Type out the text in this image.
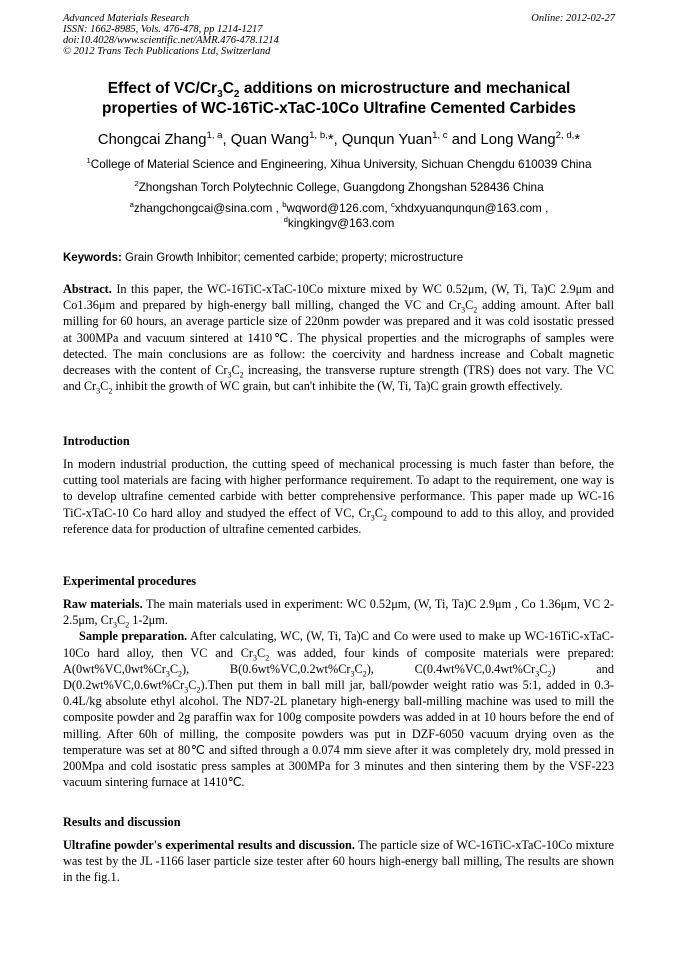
Advanced Materials Research
ISSN: 1662-8985, Vols. 476-478, pp 1214-1217
doi:10.4028/www.scientific.net/AMR.476-478.1214
© 2012 Trans Tech Publications Ltd, Switzerland
Online: 2012-02-27
Effect of $VC/Cr_3C_2$ additions on microstructure and mechanical
properties of WC-16TiC-xTaC-10Co Ultrafine Cemented Carbides
Chongcai Zhang$^{1, a}$, Quan Wang$^{1, b,}$*, Qunqun Yuan$^{1, c}$ and Long Wang$^{2, d,}$*
$^1$College of Material Science and Engineering, Xihua University, Sichuan Chengdu 610039 China
$^2$Zhongshan Torch Polytechnic College, Guangdong Zhongshan 528436 China
$^a$zhangchongcai@sina.com , $^b$wqword@126.com, $^c$xhdxyuanqunqun@163.com ,
$^d$kingkingv@163.com
Keywords: Grain Growth Inhibitor; cemented carbide; property; microstructure
Abstract. In this paper, the WC-16TiC-xTaC-10Co mixture mixed by WC 0.52μm, (W, Ti, Ta)C 2.9μm and Co1.36μm and prepared by high-energy ball milling, changed the VC and $Cr_3C_2$ adding amount. After ball milling for 60 hours, an average particle size of 220nm powder was prepared and it was cold isostatic pressed at 300MPa and vacuum sintered at 1410℃. The physical properties and the micrographs of samples were detected. The main conclusions are as follow: the coercivity and hardness increase and Cobalt magnetic decreases with the content of $Cr_3C_2$ increasing, the transverse rupture strength (TRS) does not vary. The VC and $Cr_3C_2$ inhibit the growth of WC grain, but can't inhibite the (W, Ti, Ta)C grain growth effectively.
Introduction
In modern industrial production, the cutting speed of mechanical processing is much faster than before, the cutting tool materials are facing with higher performance requirement. To adapt to the requirement, one way is to develop ultrafine cemented carbide with better comprehensive performance. This paper made up WC-16 TiC-xTaC-10 Co hard alloy and studyed the effect of VC, $Cr_3C_2$ compound to add to this alloy, and provided reference data for production of ultrafine cemented carbides.
Experimental procedures
Raw materials. The main materials used in experiment: WC 0.52μm, (W, Ti, Ta)C 2.9μm , Co 1.36μm, VC 2-2.5μm, $Cr_3C_2$ 1-2μm.
Sample preparation. After calculating, WC, (W, Ti, Ta)C and Co were used to make up WC-16TiC-xTaC-10Co hard alloy, then VC and $Cr_3C_2$ was added, four kinds of composite materials were prepared: $A(0wt\%VC,0wt\%Cr_3C_2)$, $B(0.6wt\%VC,0.2wt\%Cr_3C_2)$, $C(0.4wt\%VC,0.4wt\%Cr_3C_2)$ and $D(0.2wt\%VC,0.6wt\%Cr_3C_2).Then$ put them in ball mill jar, ball/powder weight ratio was 5:1, added in 0.3-0.4L/kg absolute ethyl alcohol. The ND7-2L planetary high-energy ball-milling machine was used to mill the composite powder and 2g paraffin wax for 100g composite powders was added in at 10 hours before the end of milling. After 60h of milling, the composite powders was put in DZF-6050 vacuum drying oven as the temperature was set at 80℃ and sifted through a 0.074 mm sieve after it was completely dry, mold pressed in 200Mpa and cold isostatic press samples at 300MPa for 3 minutes and then sintering them by the VSF-223 vacuum sintering furnace at 1410℃.
Results and discussion
Ultrafine powder's experimental results and discussion. The particle size of WC-16TiC-xTaC-10Co mixture was test by the JL -1166 laser particle size tester after 60 hours high-energy ball milling, The results are shown in the fig.1.
